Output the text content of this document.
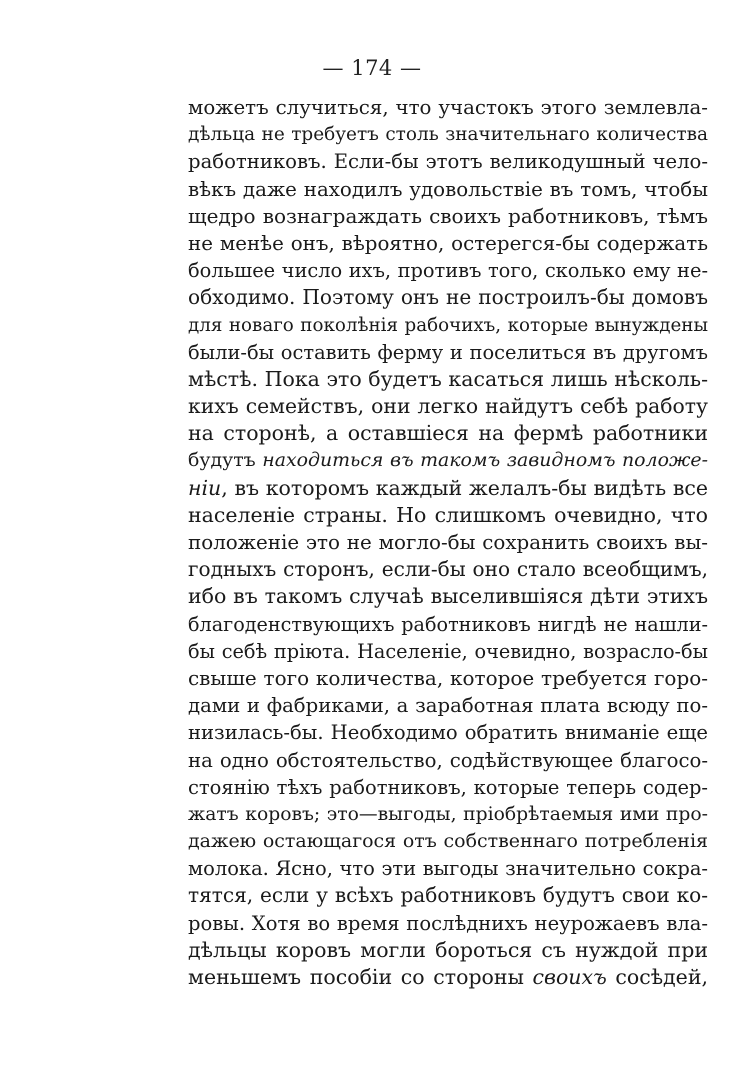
— 174 —
можетъ случиться, что участокъ этого землевла-
дѣльца не требуетъ столь значительнаго количества
работниковъ. Если-бы этотъ великодушный чело-
вѣкъ даже находилъ удовольствіе въ томъ, чтобы
щедро вознаграждать своихъ работниковъ, тѣмъ
не менѣе онъ, вѣроятно, остерегся-бы содержать
большее число ихъ, противъ того, сколько ему не-
обходимо. Поэтому онъ не построилъ-бы домовъ
для новаго поколѣнія рабочихъ, которые вынуждены
были-бы оставить ферму и поселиться въ другомъ
мѣстѣ. Пока это будетъ касаться лишь нѣсколь-
кихъ семействъ, они легко найдутъ себѣ работу
на сторонѣ, а оставшіеся на фермѣ работники
будутъ находиться въ такомъ завидномъ положе-
ніи, въ которомъ каждый желалъ-бы видѣть все
населеніе страны. Но слишкомъ очевидно, что
положеніе это не могло-бы сохранить своихъ вы-
годныхъ сторонъ, если-бы оно стало всеобщимъ,
ибо въ такомъ случаѣ выселившіяся дѣти этихъ
благоденствующихъ работниковъ нигдѣ не нашли-
бы себѣ пріюта. Населеніе, очевидно, возрасло-бы
свыше того количества, которое требуется горо-
дами и фабриками, а заработная плата всюду по-
низилась-бы. Необходимо обратить вниманіе еще
на одно обстоятельство, содѣйствующее благосо-
стоянію тѣхъ работниковъ, которые теперь содер-
жатъ коровъ; это—выгоды, пріобрѣтаемыя ими про-
дажею остающагося отъ собственнаго потребленія
молока. Ясно, что эти выгоды значительно сокра-
тятся, если у всѣхъ работниковъ будутъ свои ко-
ровы. Хотя во время послѣднихъ неурожаевъ вла-
дѣльцы коровъ могли бороться съ нуждой при
меньшемъ пособіи со стороны своихъ сосѣдей,
